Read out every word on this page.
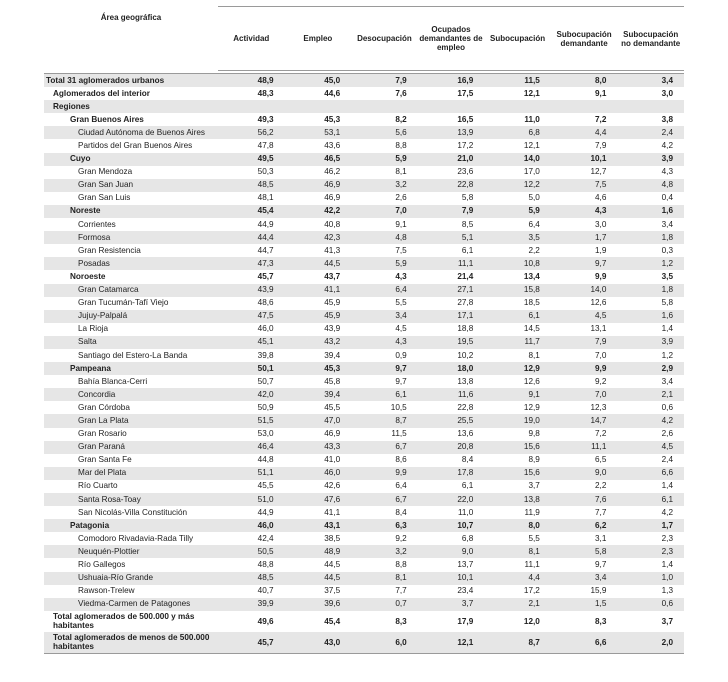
Área geográfica	Actividad	Empleo	Desocupación	Ocupados demandantes de empleo	Subocupación	Subocupación demandante	Subocupación no demandante

Total 31 aglomerados urbanos	48,9	45,0	7,9	16,9	11,5	8,0	3,4
Aglomerados del interior	48,3	44,6	7,6	17,5	12,1	9,1	3,0
Regiones							
Gran Buenos Aires	49,3	45,3	8,2	16,5	11,0	7,2	3,8
Ciudad Autónoma de Buenos Aires	56,2	53,1	5,6	13,9	6,8	4,4	2,4
Partidos del Gran Buenos Aires	47,8	43,6	8,8	17,2	12,1	7,9	4,2
Cuyo	49,5	46,5	5,9	21,0	14,0	10,1	3,9
Gran Mendoza	50,3	46,2	8,1	23,6	17,0	12,7	4,3
Gran San Juan	48,5	46,9	3,2	22,8	12,2	7,5	4,8
Gran San Luis	48,1	46,9	2,6	5,8	5,0	4,6	0,4
Noreste	45,4	42,2	7,0	7,9	5,9	4,3	1,6
Corrientes	44,9	40,8	9,1	8,5	6,4	3,0	3,4
Formosa	44,4	42,3	4,8	5,1	3,5	1,7	1,8
Gran Resistencia	44,7	41,3	7,5	6,1	2,2	1,9	0,3
Posadas	47,3	44,5	5,9	11,1	10,8	9,7	1,2
Noroeste	45,7	43,7	4,3	21,4	13,4	9,9	3,5
Gran Catamarca	43,9	41,1	6,4	27,1	15,8	14,0	1,8
Gran Tucumán-Tafí Viejo	48,6	45,9	5,5	27,8	18,5	12,6	5,8
Jujuy-Palpalá	47,5	45,9	3,4	17,1	6,1	4,5	1,6
La Rioja	46,0	43,9	4,5	18,8	14,5	13,1	1,4
Salta	45,1	43,2	4,3	19,5	11,7	7,9	3,9
Santiago del Estero-La Banda	39,8	39,4	0,9	10,2	8,1	7,0	1,2
Pampeana	50,1	45,3	9,7	18,0	12,9	9,9	2,9
Bahía Blanca-Cerri	50,7	45,8	9,7	13,8	12,6	9,2	3,4
Concordia	42,0	39,4	6,1	11,6	9,1	7,0	2,1
Gran Córdoba	50,9	45,5	10,5	22,8	12,9	12,3	0,6
Gran La Plata	51,5	47,0	8,7	25,5	19,0	14,7	4,2
Gran Rosario	53,0	46,9	11,5	13,6	9,8	7,2	2,6
Gran Paraná	46,4	43,3	6,7	20,8	15,6	11,1	4,5
Gran Santa Fe	44,8	41,0	8,6	8,4	8,9	6,5	2,4
Mar del Plata	51,1	46,0	9,9	17,8	15,6	9,0	6,6
Río Cuarto	45,5	42,6	6,4	6,1	3,7	2,2	1,4
Santa Rosa-Toay	51,0	47,6	6,7	22,0	13,8	7,6	6,1
San Nicolás-Villa Constitución	44,9	41,1	8,4	11,0	11,9	7,7	4,2
Patagonia	46,0	43,1	6,3	10,7	8,0	6,2	1,7
Comodoro Rivadavia-Rada Tilly	42,4	38,5	9,2	6,8	5,5	3,1	2,3
Neuquén-Plottier	50,5	48,9	3,2	9,0	8,1	5,8	2,3
Río Gallegos	48,8	44,5	8,8	13,7	11,1	9,7	1,4
Ushuaia-Río Grande	48,5	44,5	8,1	10,1	4,4	3,4	1,0
Rawson-Trelew	40,7	37,5	7,7	23,4	17,2	15,9	1,3
Viedma-Carmen de Patagones	39,9	39,6	0,7	3,7	2,1	1,5	0,6
Total aglomerados de 500.000 y más habitantes	49,6	45,4	8,3	17,9	12,0	8,3	3,7
Total aglomerados de menos de 500.000 habitantes	45,7	43,0	6,0	12,1	8,7	6,6	2,0
